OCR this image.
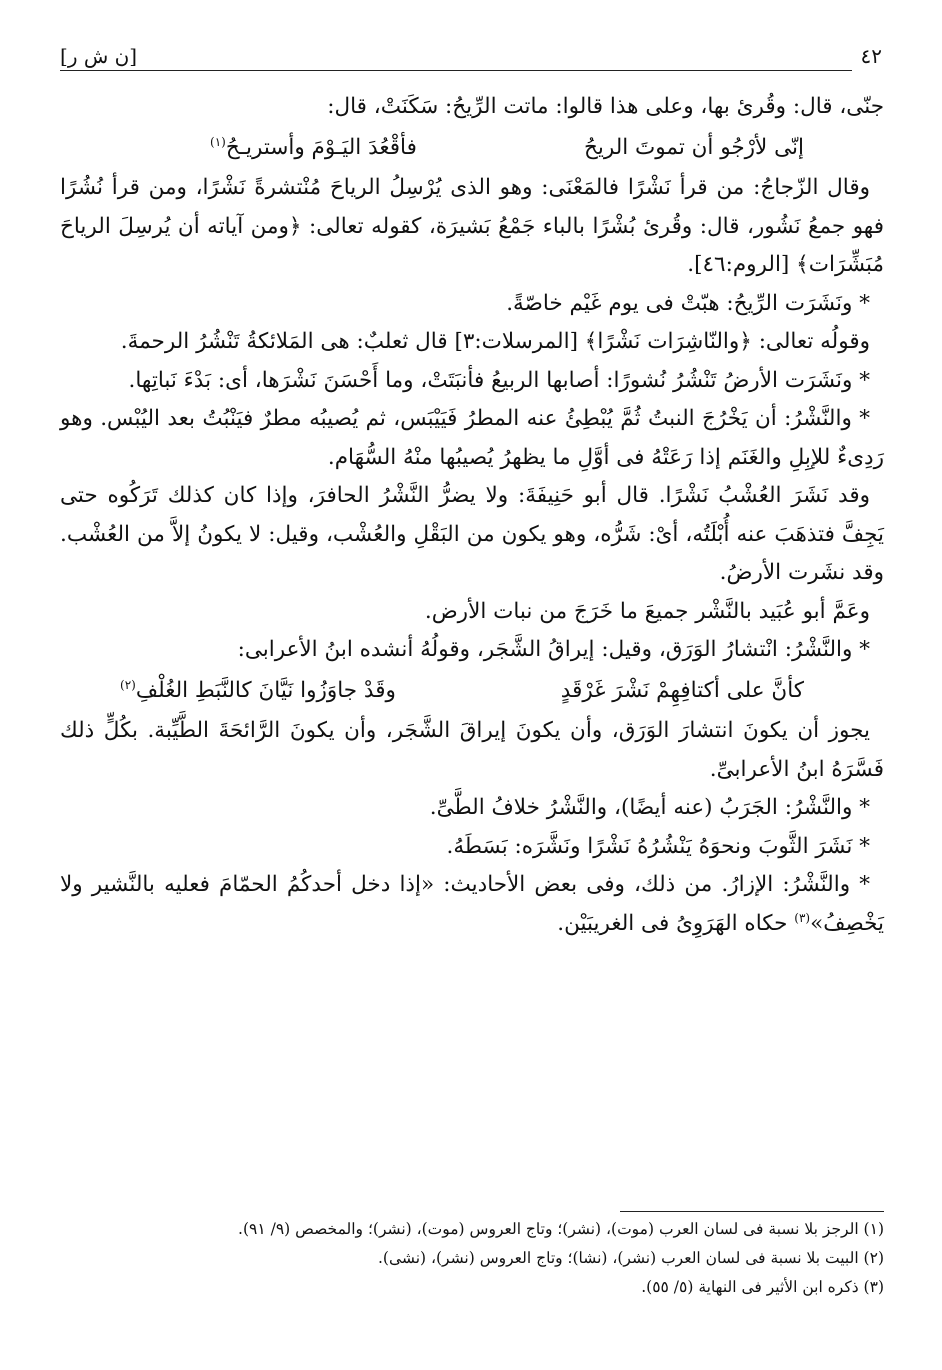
[ن ش ر]	٤٢

جنّى، قال: وقُرئ بها، وعلى هذا قالوا: ماتت الرِّيحُ: سَكَنَتْ، قال:

إنّى لأرْجُو أن تموتَ الريحُ
فأقْعُدَ اليَـوْمَ وأستريـحُ$^{(١)}$

وقال الزّجاجُ: من قرأ نَشْرًا فالمَعْنَى: وهو الذى يُرْسِلُ الرياحَ مُنْتشرةً نَشْرًا، ومن قرأ نُشُرًا فهو جمعُ نَشُور، قال: وقُرئ بُشْرًا بالباء جَمْعُ بَشيرَة، كقوله تعالى: ﴿ومن آياته أن يُرسِلَ الرياحَ مُبَشِّرَات﴾ [الروم:٤٦].

* ونَشَرَت الرِّيحُ: هبّتْ فى يوم غَيْم خاصّةً.

وقولُه تعالى: ﴿والنّاشِرَات نَشْرًا﴾ [المرسلات:٣] قال ثعلبٌ: هى المَلائكةُ تَنْشُرُ الرحمةَ.

* ونَشَرَت الأرضُ تَنْشُرُ نُشورًا: أصابها الربيعُ فأنبَتَتْ، وما أَحْسَنَ نَشْرَها، أى: بَدْءَ نَباتِها.

* والنَّشْرُ: أن يَخْرُجَ النبتُ ثُمَّ يُبْطِئُ عنه المطرُ فَيَيْبَس، ثم يُصيبُه مطرٌ فيَنْبُتُ بعد اليُبْس. وهو رَدِىءٌ للإبِلِ والغَنَم إذا رَعَتْهُ فى أوَّلِ ما يظهرُ يُصيبُها منْهُ السُّهَام.

وقد نَشَرَ العُشْبُ نَشْرًا. قال أبو حَنِيفَةَ: ولا يضرُّ النَّشْرُ الحافرَ، وإذا كان كذلك تَرَكُوه حتى يَجِفَّ فتذهَبَ عنه أُبْلَتُه، أىْ: شَرُّه، وهو يكون من البَقْلِ والعُشْب، وقيل: لا يكونُ إلاَّ من العُشْب. وقد نشَرت الأرضُ.

وعَمَّ أبو عُبَيد بالنَّشْر جميعَ ما خَرَجَ من نبات الأرض.

* والنَّشْرُ: انْتشارُ الوَرَق، وقيل: إيراقُ الشَّجَر، وقولُهُ أنشده ابنُ الأعرابى:

كأنَّ على أكتافِهِمْ نَشْرَ غَرْقَدٍ
وقَدْ جاوَزُوا نَيَّانَ كالنَّبَطِ الغُلْفِ$^{(٢)}$

يجوز أن يكونَ انتشارَ الوَرَق، وأن يكونَ إيراقَ الشَّجَر، وأن يكونَ الرَّائحَةَ الطَّيِّبة. بكُلٍّ ذلك فَسَّرَهُ ابنُ الأعرابىِّ.

* والنَّشْرُ: الجَرَبُ (عنه أيضًا)، والنَّشْرُ خلافُ الطَّىِّ.

* نَشَرَ الثَّوبَ ونحوَهُ يَنْشُرُهُ نَشْرًا ونَشَّرَه: بَسَطَهُ.

* والنَّشْرُ: الإزارُ. من ذلك، وفى بعض الأحاديث: «إذا دخل أحدكُمُ الحمّامَ فعليه بالنَّشير ولا يَخْصِفُ»$^{(٣)}$ حكاه الهَرَوِىُ فى الغريبَيْن.

(١) الرجز بلا نسبة فى لسان العرب (موت)، (نشر)؛ وتاج العروس (موت)، (نشر)؛ والمخصص (٩/ ٩١).

(٢) البيت بلا نسبة فى لسان العرب (نشر)، (نشا)؛ وتاج العروس (نشر)، (نشى).

(٣) ذكره ابن الأثير فى النهاية (٥/ ٥٥).
